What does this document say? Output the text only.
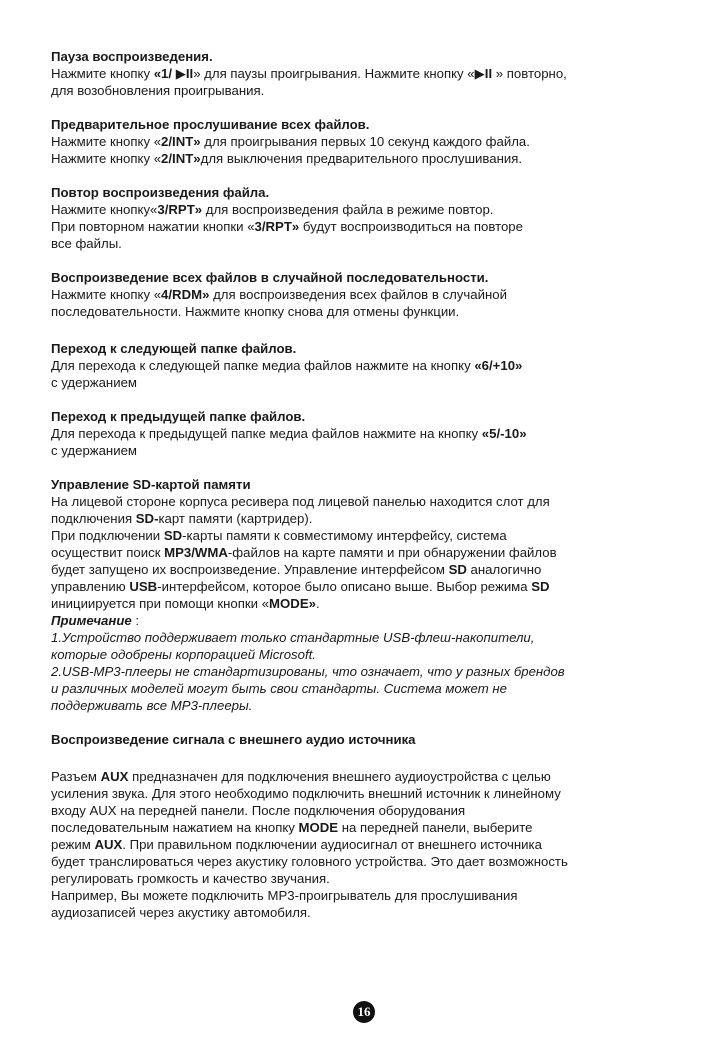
Пауза воспроизведения.

Нажмите кнопку «1/ ▶II» для паузы проигрывания. Нажмите кнопку «▶II » повторно,

для возобновления проигрывания.

Предварительное прослушивание всех файлов.

Нажмите кнопку «2/INT» для проигрывания первых 10 секунд каждого файла.

Нажмите кнопку «2/INT»для выключения предварительного прослушивания.

Повтор воспроизведения файла.

Нажмите кнопку«3/RPT» для воспроизведения файла в режиме повтор.

При повторном нажатии кнопки «3/RPT» будут воспроизводиться на повторе

все файлы.

Воспроизведение всех файлов в случайной последовательности.

Нажмите кнопку «4/RDM» для воспроизведения всех файлов в случайной

последовательности. Нажмите кнопку снова для отмены функции.

Переход к следующей папке файлов.

Для перехода к следующей папке медиа файлов нажмите на кнопку «6/+10»

с удержанием

Переход к предыдущей папке файлов.

Для перехода к предыдущей папке медиа файлов нажмите на кнопку «5/-10»

с удержанием

Управление SD-картой памяти

На лицевой стороне корпуса ресивера под лицевой панелью находится слот для

подключения SD-карт памяти (картридер).

При подключении SD-карты памяти к совместимому интерфейсу, система

осуществит поиск MP3/WMA-файлов на карте памяти и при обнаружении файлов

будет запущено их воспроизведение. Управление интерфейсом SD аналогично

управлению USB-интерфейсом, которое было описано выше. Выбор режима SD

инициируется при помощи кнопки «MODE».

Примечание :

1.Устройство поддерживает только стандартные USB-флеш-накопители,

которые одобрены корпорацией Microsoft.

2.USB-MP3-плееры не стандартизированы, что означает, что у разных брендов

и различных моделей могут быть свои стандарты. Система может не

поддерживать все MP3-плееры.

Воспроизведение сигнала с внешнего аудио источника

Разъем AUX предназначен для подключения внешнего аудиоустройства с целью

усиления звука. Для этого необходимо подключить внешний источник к линейному

входу AUX на передней панели. После подключения оборудования

последовательным нажатием на кнопку MODE на передней панели, выберите

режим AUX. При правильном подключении аудиосигнал от внешнего источника

будет транслироваться через акустику головного устройства. Это дает возможность

регулировать громкость и качество звучания.

Например, Вы можете подключить MP3-проигрыватель для прослушивания

аудиозаписей через акустику автомобиля.

16
